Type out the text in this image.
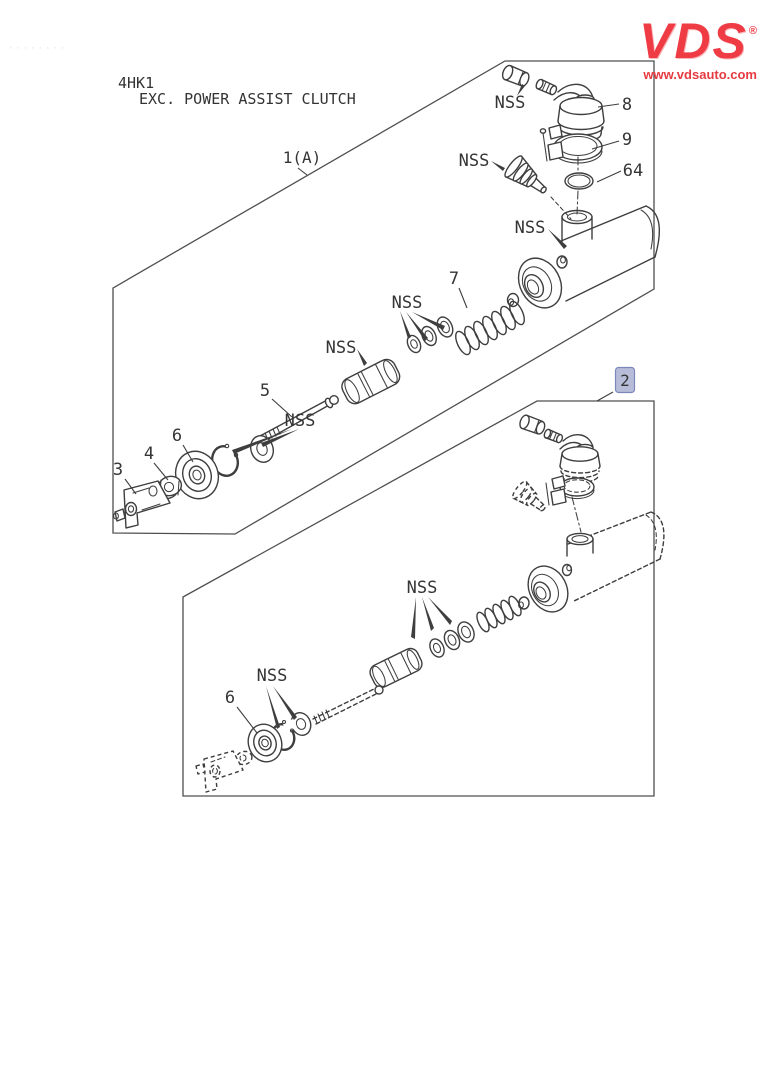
········
4HK1
EXC. POWER ASSIST CLUTCH
1(A)
NSS	8
9
64
NSS
NSS
7
NSS
NSS
5
NSS
6
4
3
2
NSS
NSS
6
VDS®
www.vdsauto.com
